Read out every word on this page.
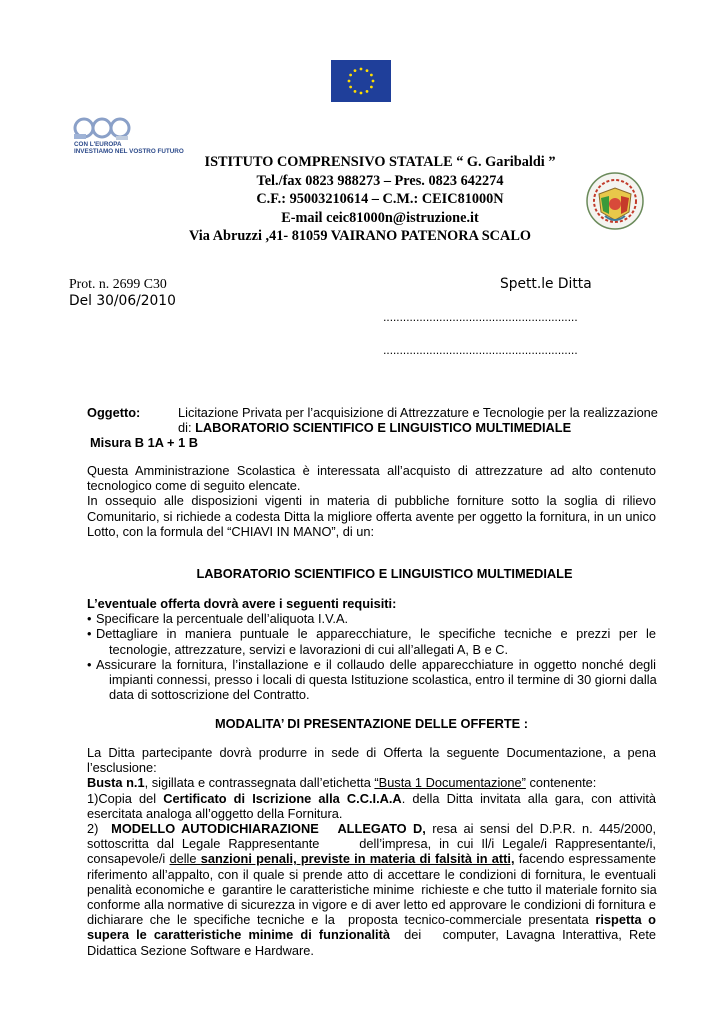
CON L'EUROPA
INVESTIAMO NEL VOSTRO FUTURO
ISTITUTO COMPRENSIVO STATALE “ G. Garibaldi ”
Tel./fax 0823 988273 – Pres. 0823 642274
C.F.: 95003210614 – C.M.: CEIC81000N
E-mail ceic81000n@istruzione.it
Via Abruzzi ,41- 81059 VAIRANO PATENORA SCALO
Prot. n. 2699 C30
Del 30/06/2010
Spett.le Ditta
...........................................................
...........................................................
Oggetto:	Licitazione Privata per l’acquisizione di Attrezzature e Tecnologie per la realizzazione
di: LABORATORIO SCIENTIFICO E LINGUISTICO MULTIMEDIALE
Misura B 1A + 1 B
Questa Amministrazione Scolastica è interessata all’acquisto di attrezzature ad alto contenuto
tecnologico come di seguito elencate.
In ossequio alle disposizioni vigenti in materia di pubbliche forniture sotto la soglia di rilievo
Comunitario, si richiede a codesta Ditta la migliore offerta avente per oggetto la fornitura, in un unico
Lotto, con la formula del “CHIAVI IN MANO”, di un:
LABORATORIO SCIENTIFICO E LINGUISTICO MULTIMEDIALE
L’eventuale offerta dovrà avere i seguenti requisiti:
• Specificare la percentuale dell’aliquota I.V.A.
• Dettagliare in maniera puntuale le apparecchiature, le specifiche tecniche e prezzi per le
tecnologie, attrezzature, servizi e lavorazioni di cui all’allegati A, B e C.
• Assicurare la fornitura, l’installazione e il collaudo delle apparecchiature in oggetto nonché degli
impianti connessi, presso i locali di questa Istituzione scolastica, entro il termine di 30 giorni dalla
data di sottoscrizione del Contratto.
MODALITA’ DI PRESENTAZIONE DELLE OFFERTE :
La Ditta partecipante dovrà produrre in sede di Offerta la seguente Documentazione, a pena
l’esclusione:
Busta n.1, sigillata e contrassegnata dall’etichetta “Busta 1 Documentazione” contenente:
1)Copia del Certificato di Iscrizione alla C.C.I.A.A. della Ditta invitata alla gara, con attività
esercitata analoga all’oggetto della Fornitura.
2)  MODELLO AUTODICHIARAZIONE   ALLEGATO D, resa ai sensi del D.P.R. n. 445/2000,
sottoscritta dal Legale Rappresentante     dell’impresa, in cui Il/i Legale/i Rappresentante/i,
consapevole/i delle sanzioni penali, previste in materia di falsità in atti, facendo espressamente
riferimento all’appalto, con il quale si prende atto di accettare le condizioni di fornitura, le eventuali
penalità economiche e  garantire le caratteristiche minime  richieste e che tutto il materiale fornito sia
conforme alla normative di sicurezza in vigore e di aver letto ed approvare le condizioni di fornitura e
dichiarare che le specifiche tecniche e la  proposta tecnico-commerciale presentata rispetta o
supera le caratteristiche minime di funzionalità  dei   computer, Lavagna Interattiva, Rete
Didattica Sezione Software e Hardware.
